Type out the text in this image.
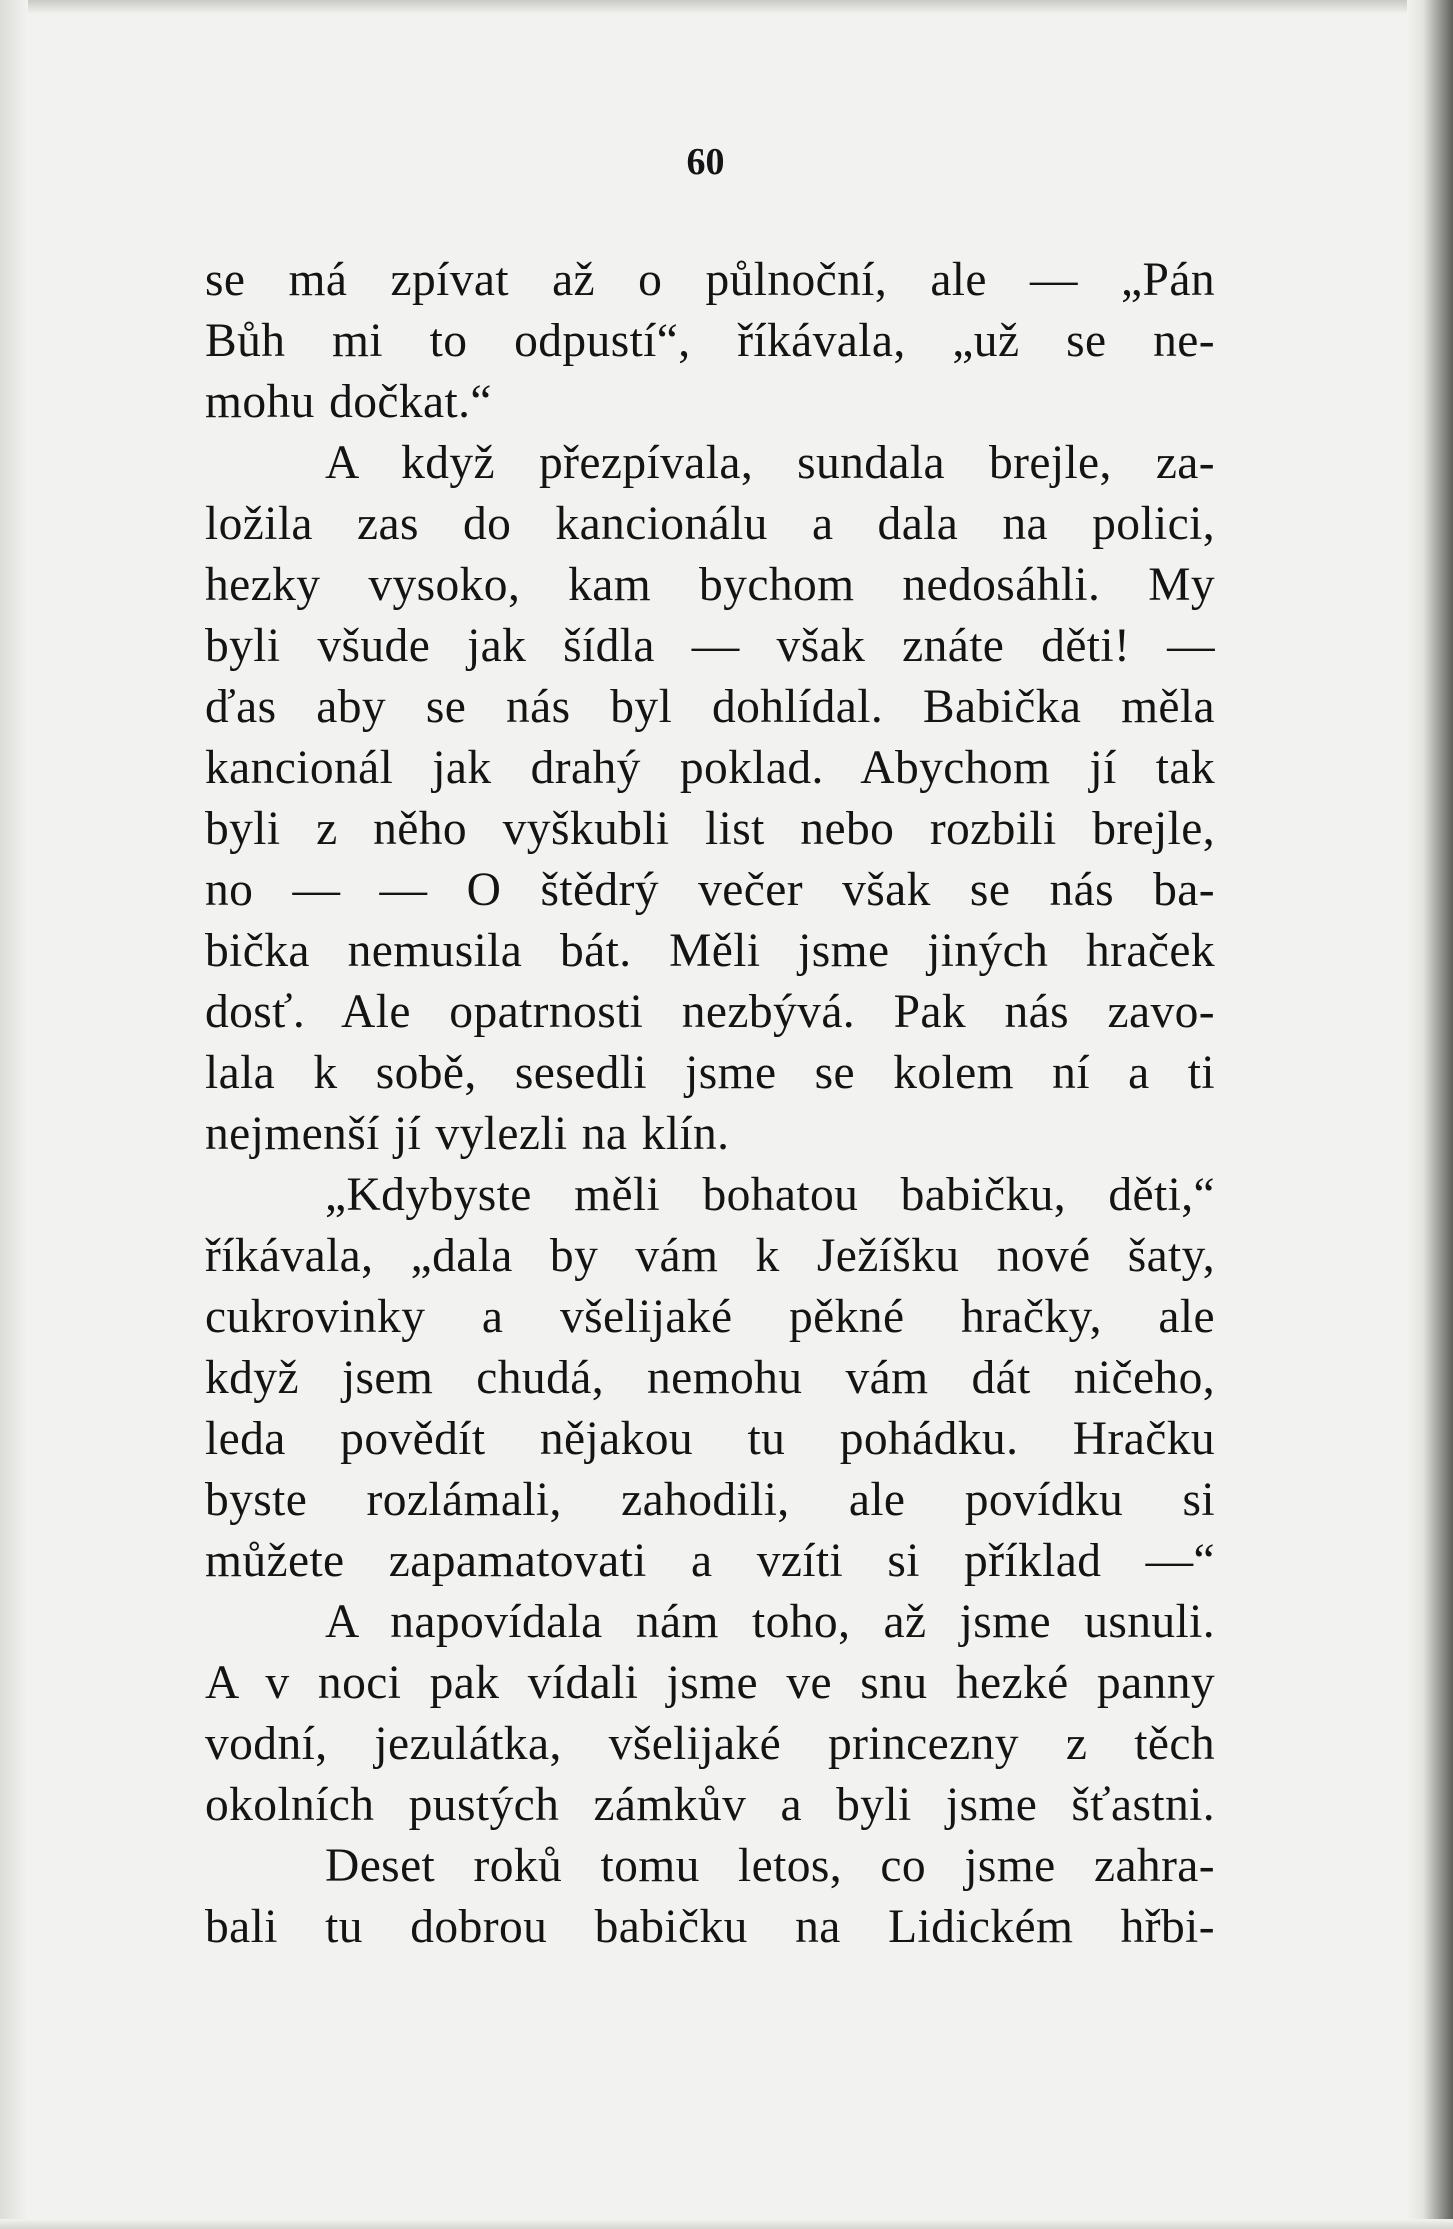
60
se má zpívat až o půlnoční, ale — „Pán
Bůh mi to odpustí“, říkávala, „už se ne-
mohu dočkat.“
A když přezpívala, sundala brejle, za-
ložila zas do kancionálu a dala na polici,
hezky vysoko, kam bychom nedosáhli. My
byli všude jak šídla — však znáte děti! —
ďas aby se nás byl dohlídal. Babička měla
kancionál jak drahý poklad. Abychom jí tak
byli z něho vyškubli list nebo rozbili brejle,
no — — O štědrý večer však se nás ba-
bička nemusila bát. Měli jsme jiných hraček
dosť. Ale opatrnosti nezbývá. Pak nás zavo-
lala k sobě, sesedli jsme se kolem ní a ti
nejmenší jí vylezli na klín.
„Kdybyste měli bohatou babičku, děti,“
říkávala, „dala by vám k Ježíšku nové šaty,
cukrovinky a všelijaké pěkné hračky, ale
když jsem chudá, nemohu vám dát ničeho,
leda povědít nějakou tu pohádku. Hračku
byste rozlámali, zahodili, ale povídku si
můžete zapamatovati a vzíti si příklad —“
A napovídala nám toho, až jsme usnuli.
A v noci pak vídali jsme ve snu hezké panny
vodní, jezulátka, všelijaké princezny z těch
okolních pustých zámkův a byli jsme šťastni.
Deset roků tomu letos, co jsme zahra-
bali tu dobrou babičku na Lidickém hřbi-
